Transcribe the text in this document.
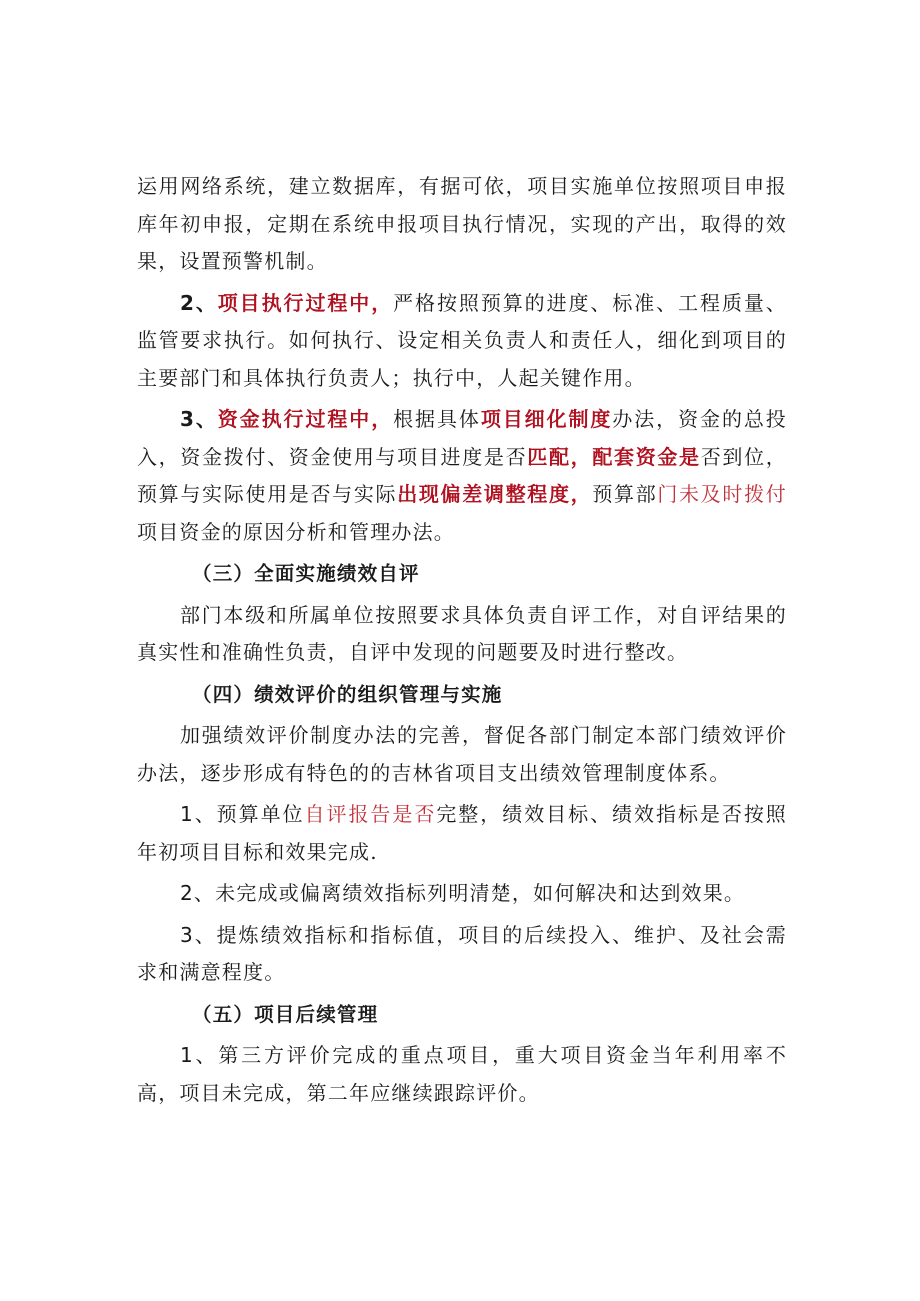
运用网络系统，建立数据库，有据可依，项目实施单位按照项目申报库年初申报，定期在系统申报项目执行情况，实现的产出，取得的效果，设置预警机制。

2、项目执行过程中，严格按照预算的进度、标准、工程质量、监管要求执行。如何执行、设定相关负责人和责任人，细化到项目的主要部门和具体执行负责人；执行中，人起关键作用。

3、资金执行过程中，根据具体项目细化制度办法，资金的总投入，资金拨付、资金使用与项目进度是否匹配，配套资金是否到位，预算与实际使用是否与实际出现偏差调整程度，预算部门未及时拨付项目资金的原因分析和管理办法。

（三）全面实施绩效自评

部门本级和所属单位按照要求具体负责自评工作，对自评结果的真实性和准确性负责，自评中发现的问题要及时进行整改。

（四）绩效评价的组织管理与实施

加强绩效评价制度办法的完善，督促各部门制定本部门绩效评价办法，逐步形成有特色的的吉林省项目支出绩效管理制度体系。

1、预算单位自评报告是否完整，绩效目标、绩效指标是否按照年初项目目标和效果完成.

2、未完成或偏离绩效指标列明清楚，如何解决和达到效果。

3、提炼绩效指标和指标值，项目的后续投入、维护、及社会需求和满意程度。

（五）项目后续管理

1、第三方评价完成的重点项目，重大项目资金当年利用率不高，项目未完成，第二年应继续跟踪评价。
